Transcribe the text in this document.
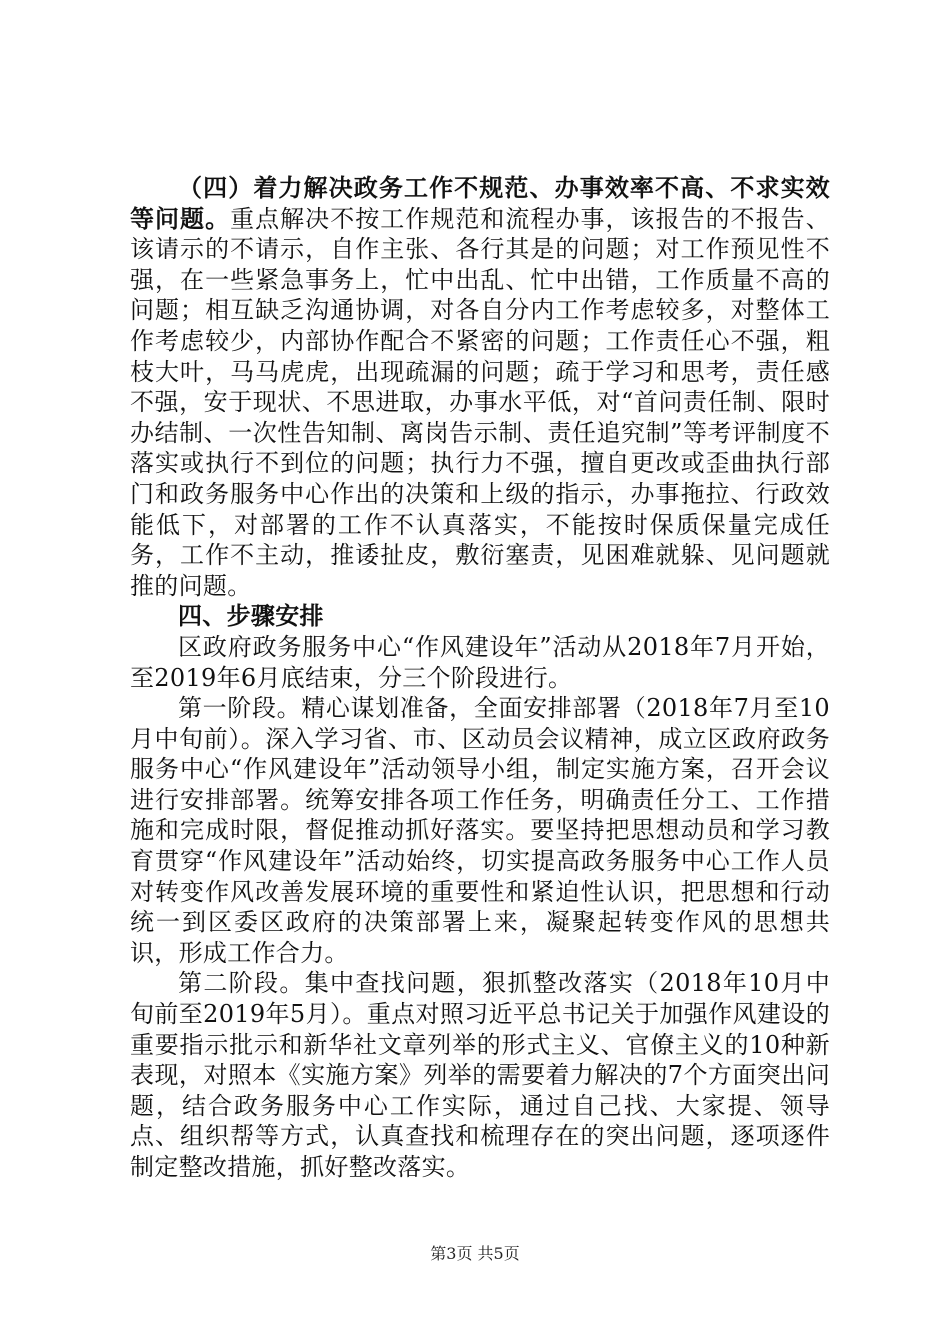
（四）着力解决政务工作不规范、办事效率不高、不求实效等问题。重点解决不按工作规范和流程办事，该报告的不报告、该请示的不请示，自作主张、各行其是的问题；对工作预见性不强，在一些紧急事务上，忙中出乱、忙中出错，工作质量不高的问题；相互缺乏沟通协调，对各自分内工作考虑较多，对整体工作考虑较少，内部协作配合不紧密的问题；工作责任心不强，粗枝大叶，马马虎虎，出现疏漏的问题；疏于学习和思考，责任感不强，安于现状、不思进取，办事水平低，对“首问责任制、限时办结制、一次性告知制、离岗告示制、责任追究制”等考评制度不落实或执行不到位的问题；执行力不强，擅自更改或歪曲执行部门和政务服务中心作出的决策和上级的指示，办事拖拉、行政效能低下，对部署的工作不认真落实，不能按时保质保量完成任务，工作不主动，推诿扯皮，敷衍塞责，见困难就躲、见问题就推的问题。

四、步骤安排

区政府政务服务中心“作风建设年”活动从2018年7月开始，至2019年6月底结束，分三个阶段进行。

第一阶段。精心谋划准备，全面安排部署（2018年7月至10月中旬前）。深入学习省、市、区动员会议精神，成立区政府政务服务中心“作风建设年”活动领导小组，制定实施方案，召开会议进行安排部署。统筹安排各项工作任务，明确责任分工、工作措施和完成时限，督促推动抓好落实。要坚持把思想动员和学习教育贯穿“作风建设年”活动始终，切实提高政务服务中心工作人员对转变作风改善发展环境的重要性和紧迫性认识，把思想和行动统一到区委区政府的决策部署上来，凝聚起转变作风的思想共识，形成工作合力。

第二阶段。集中查找问题，狠抓整改落实（2018年10月中旬前至2019年5月）。重点对照习近平总书记关于加强作风建设的重要指示批示和新华社文章列举的形式主义、官僚主义的10种新表现，对照本《实施方案》列举的需要着力解决的7个方面突出问题，结合政务服务中心工作实际，通过自己找、大家提、领导点、组织帮等方式，认真查找和梳理存在的突出问题，逐项逐件制定整改措施，抓好整改落实。

第3页 共5页
